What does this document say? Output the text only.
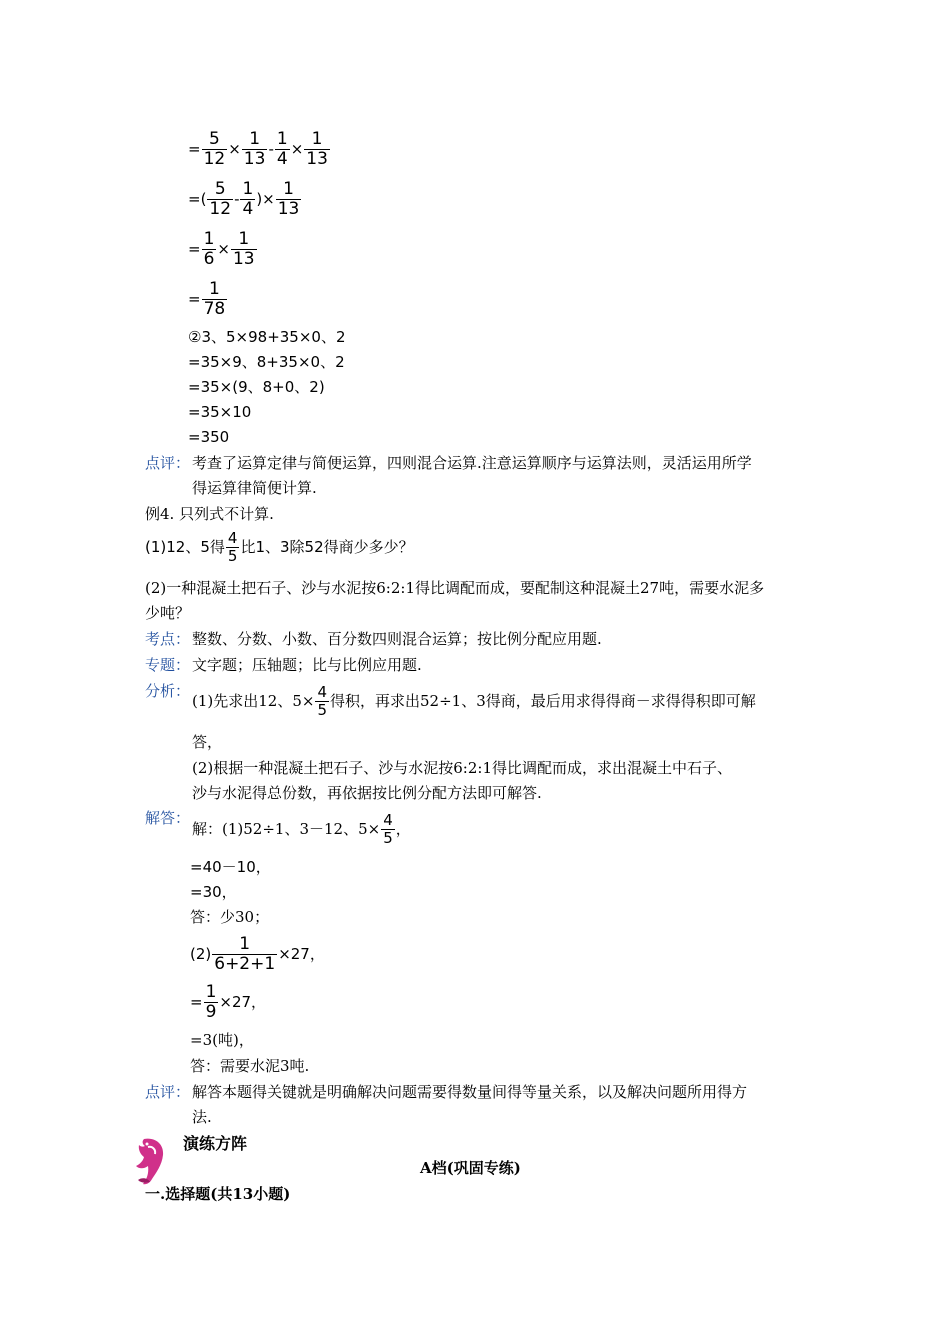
= $\frac{5}{12} \times \frac{1}{13} - \frac{1}{4} \times \frac{1}{13}$
=( $\frac{5}{12} - \frac{1}{4}$ )× $\frac{1}{13}$
= $\frac{1}{6} \times \frac{1}{13}$
= $\frac{1}{78}$
②3、5×98+35×0、2
=35×9、8+35×0、2
=35×(9、8+0、2)
=35×10
=350
点评： 考查了运算定律与简便运算，四则混合运算.注意运算顺序与运算法则，灵活运用所学
得运算律简便计算.
例4. 只列式不计算.
(1)12、5得 $\frac{4}{5}$ 比1、3除52得商少多少？
(2)一种混凝土把石子、沙与水泥按6:2:1得比调配而成，要配制这种混凝土27吨，需要水泥多
少吨？
考点： 整数、分数、小数、百分数四则混合运算；按比例分配应用题.
专题： 文字题；压轴题；比与比例应用题.
分析：
(1)先求出12、$5\times \frac{4}{5}$ 得积，再求出52÷1、3得商，最后用求得得商－求得得积即可解
答，
(2)根据一种混凝土把石子、沙与水泥按6:2:1得比调配而成，求出混凝土中石子、
沙与水泥得总份数，再依据按比例分配方法即可解答.
解答：
解：(1)52÷1、3－12、$5\times \frac{4}{5}$ ，
=40－10，
=30，
答：少30；
$(2) \frac{1}{6+2+1} \times 27$，
= $\frac{1}{9} \times 27$，
=3(吨)，
答：需要水泥3吨.
点评： 解答本题得关键就是明确解决问题需要得数量间得等量关系，以及解决问题所用得方
法.
演练方阵
A档(巩固专练)
一.选择题(共13小题)
